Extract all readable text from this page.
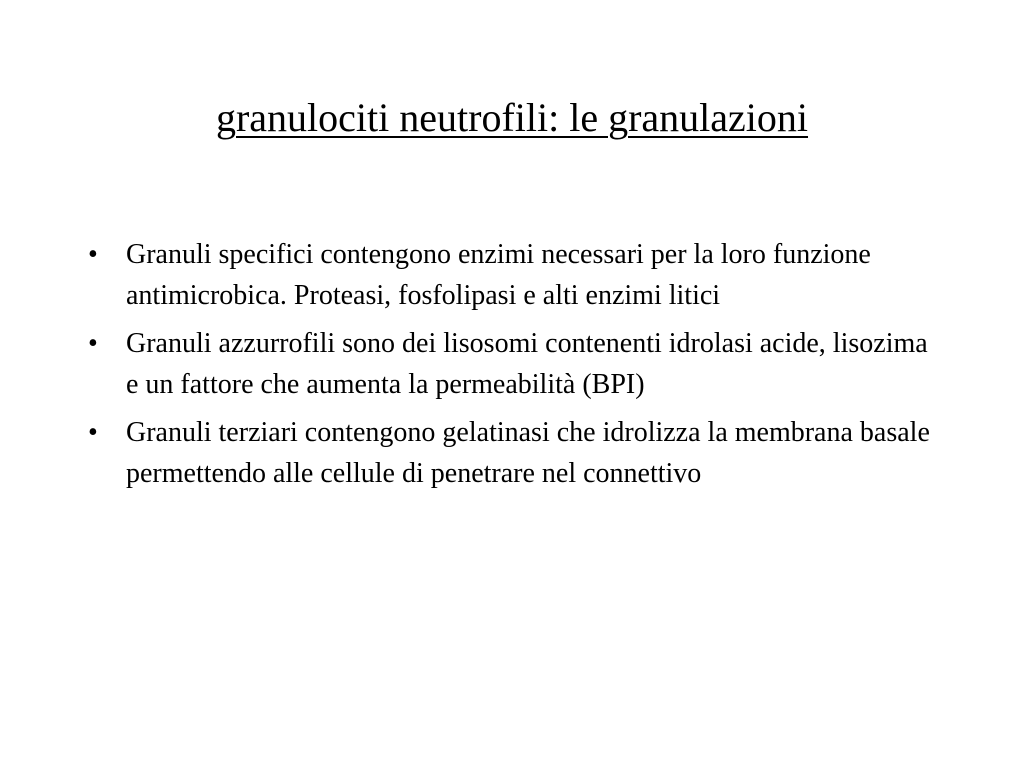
granulociti neutrofili: le granulazioni
•	Granuli specifici contengono enzimi necessari per la loro funzione antimicrobica. Proteasi, fosfolipasi e alti enzimi litici
•	Granuli azzurrofili sono dei lisosomi contenenti idrolasi acide, lisozima e un fattore che aumenta la permeabilità (BPI)
•	Granuli terziari contengono gelatinasi che idrolizza la membrana basale permettendo alle cellule di penetrare nel connettivo
